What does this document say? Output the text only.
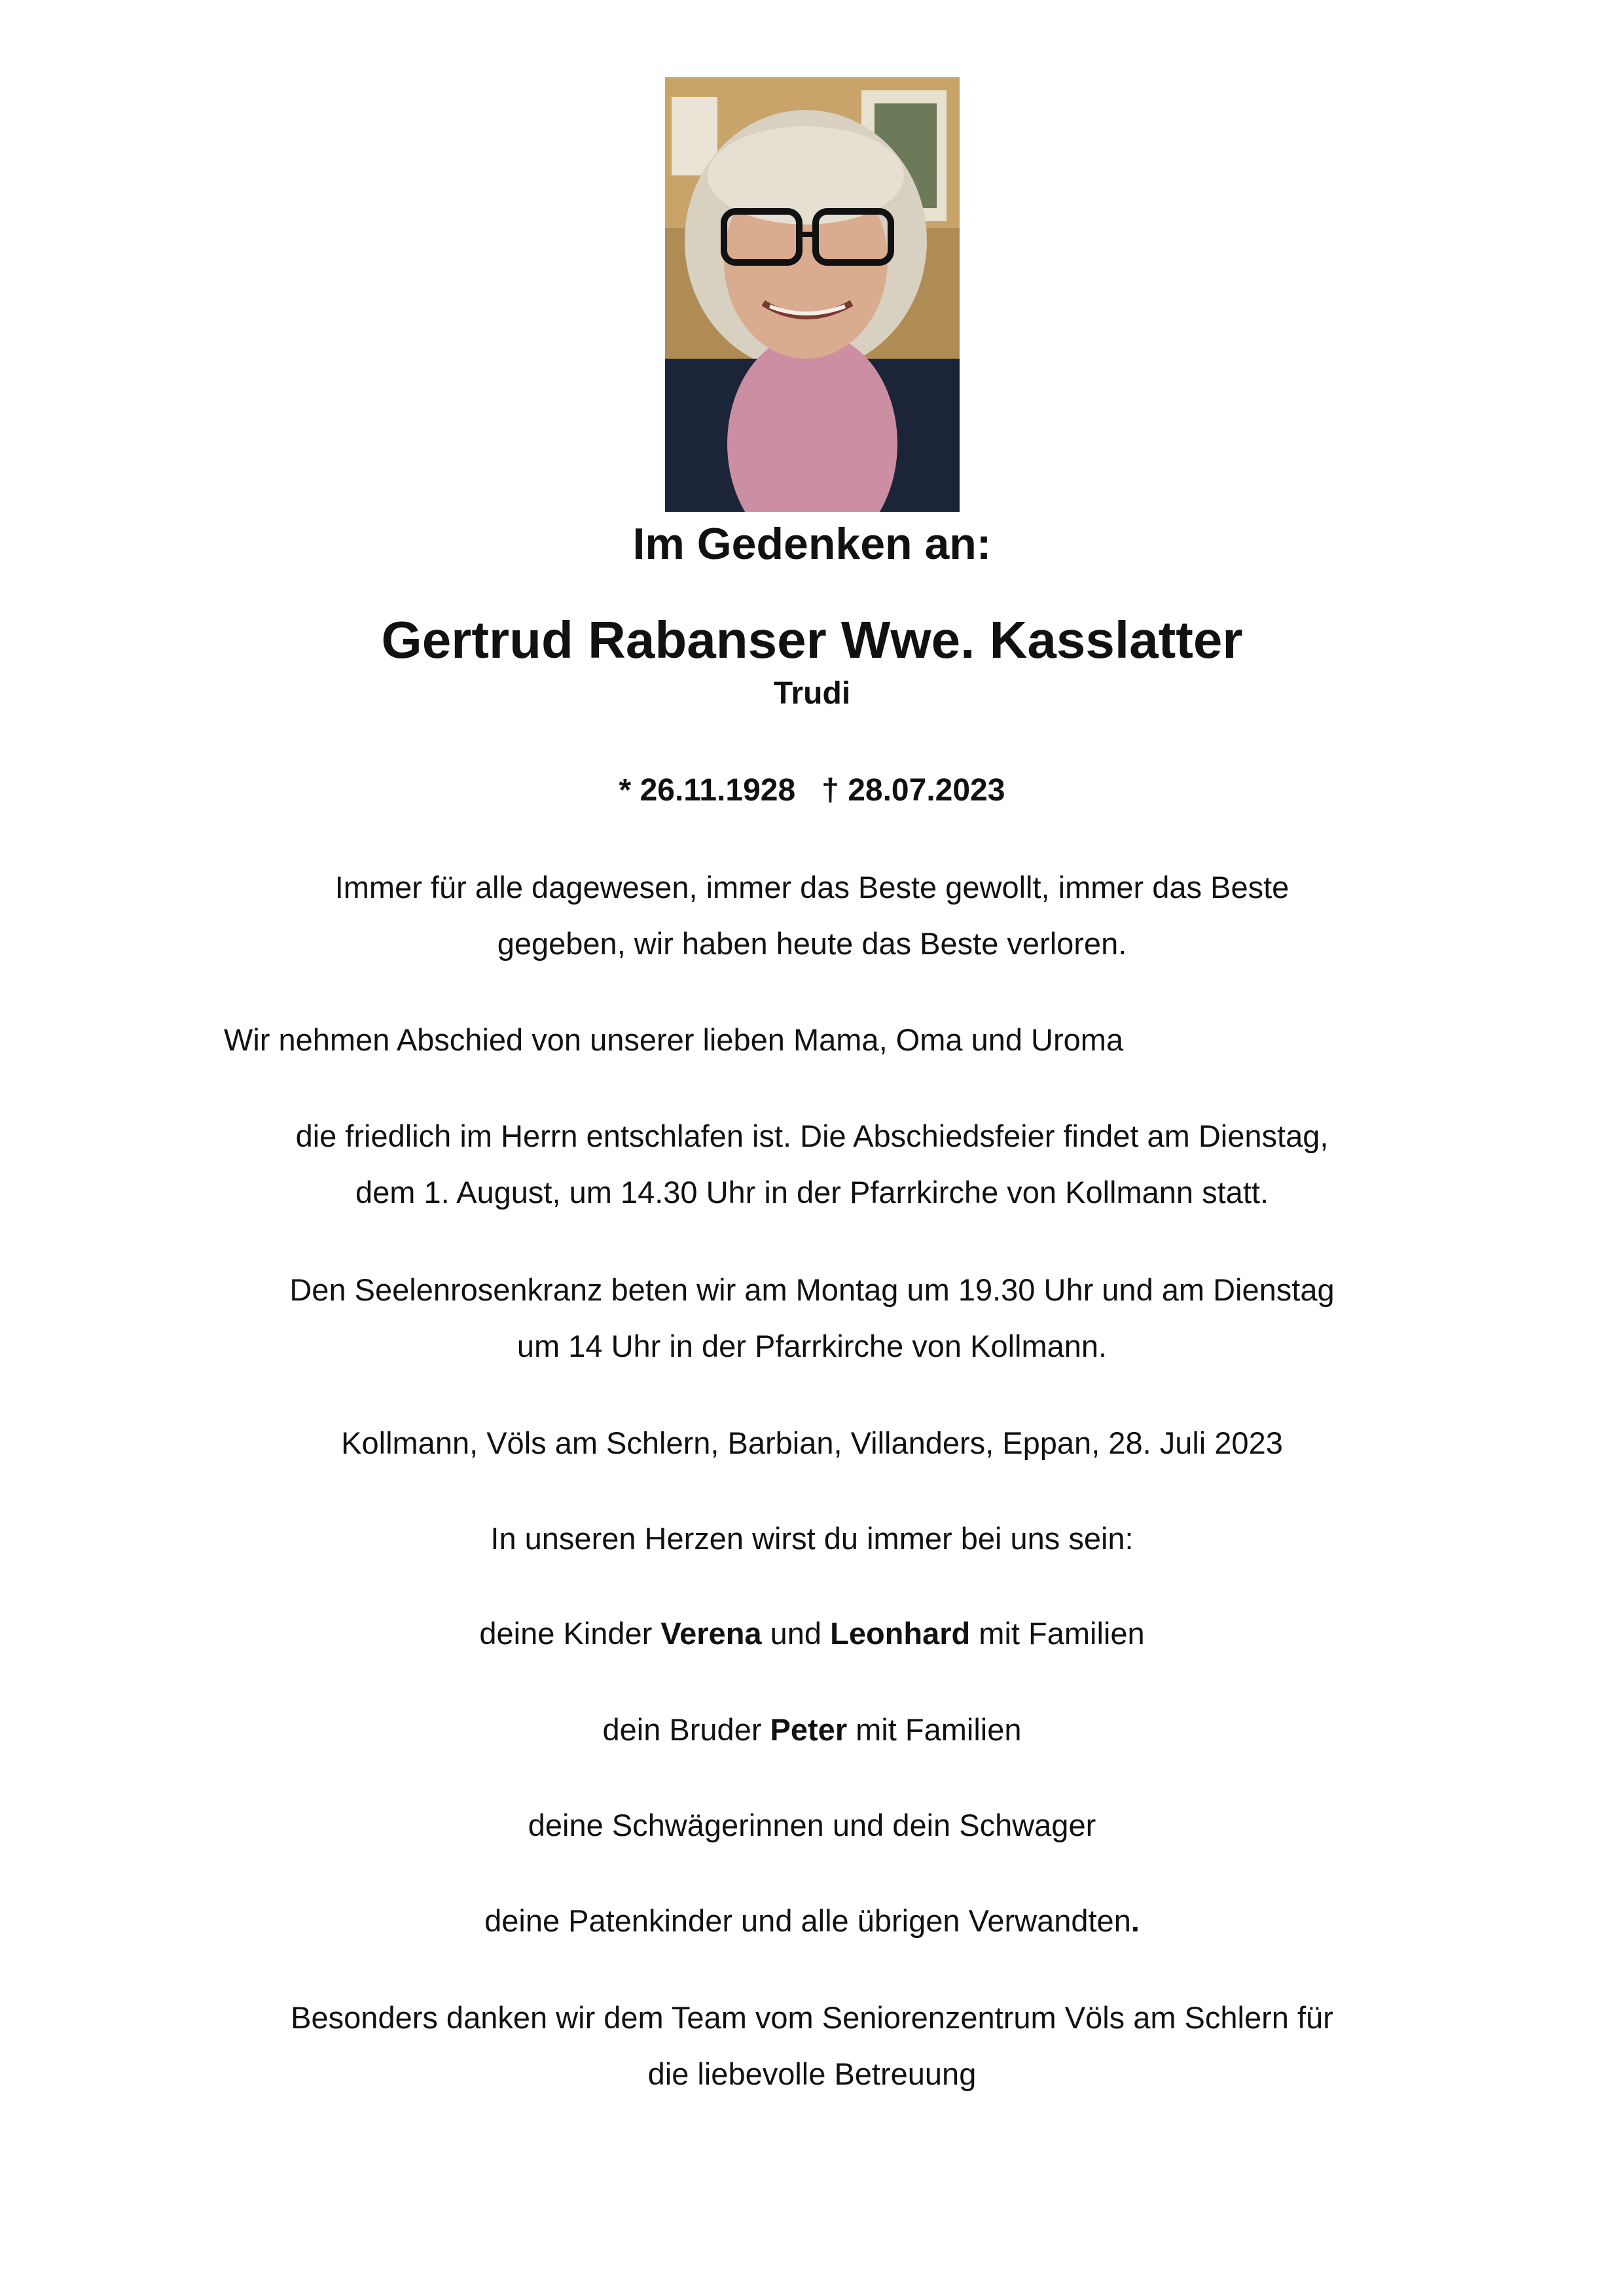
Im Gedenken an:
Gertrud Rabanser Wwe. Kasslatter
Trudi
* 26.11.1928 † 28.07.2023
Immer für alle dagewesen, immer das Beste gewollt, immer das Beste
gegeben, wir haben heute das Beste verloren.
Wir nehmen Abschied von unserer lieben Mama, Oma und Uroma
die friedlich im Herrn entschlafen ist. Die Abschiedsfeier findet am Dienstag,
dem 1. August, um 14.30 Uhr in der Pfarrkirche von Kollmann statt.
Den Seelenrosenkranz beten wir am Montag um 19.30 Uhr und am Dienstag
um 14 Uhr in der Pfarrkirche von Kollmann.
Kollmann, Völs am Schlern, Barbian, Villanders, Eppan, 28. Juli 2023
In unseren Herzen wirst du immer bei uns sein:
deine Kinder Verena und Leonhard mit Familien
dein Bruder Peter mit Familien
deine Schwägerinnen und dein Schwager
deine Patenkinder und alle übrigen Verwandten.
Besonders danken wir dem Team vom Seniorenzentrum Völs am Schlern für
die liebevolle Betreuung
